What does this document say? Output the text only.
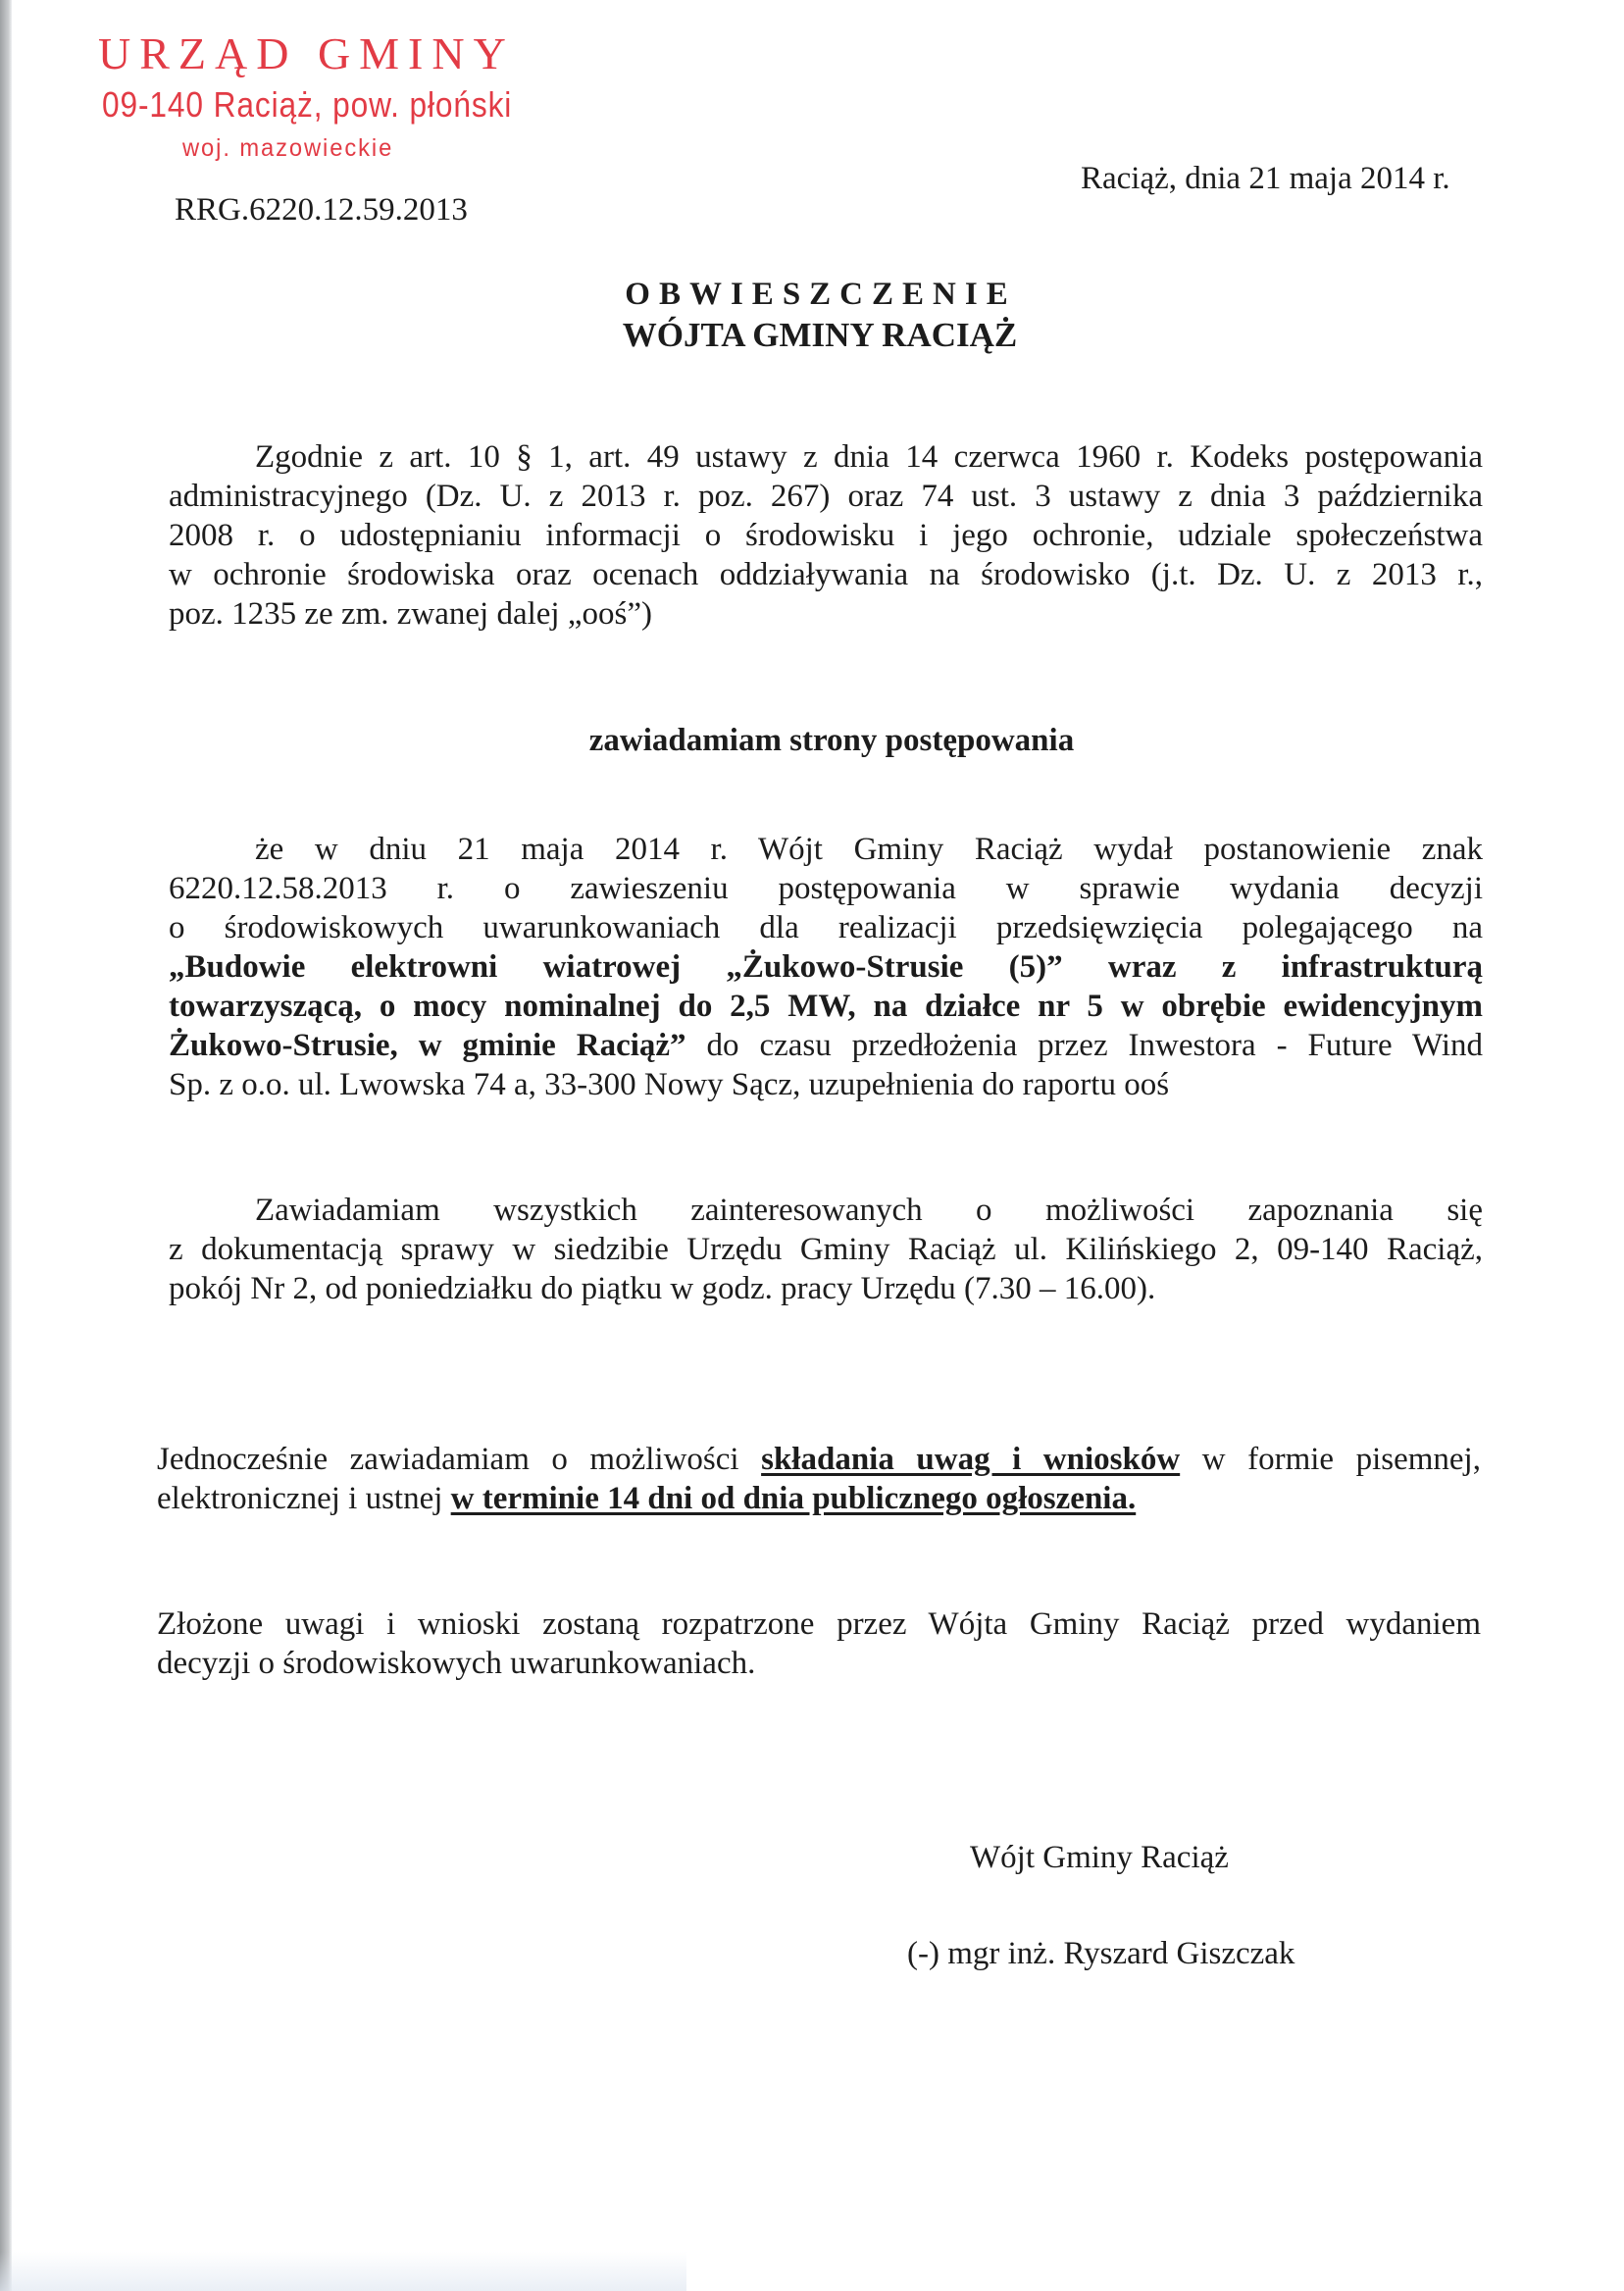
URZĄD GMINY
09-140 Raciąż, pow. płoński
woj. mazowieckie
RRG.6220.12.59.2013
Raciąż, dnia 21 maja 2014 r.
OBWIESZCZENIE
WÓJTA GMINY RACIĄŻ
Zgodnie z art. 10 § 1, art. 49 ustawy z dnia 14 czerwca 1960 r. Kodeks postępowania
administracyjnego (Dz. U. z 2013 r. poz. 267) oraz 74 ust. 3 ustawy z dnia 3 października
2008 r. o udostępnianiu informacji o środowisku i jego ochronie, udziale społeczeństwa
w ochronie środowiska oraz ocenach oddziaływania na środowisko (j.t. Dz. U. z 2013 r.,
poz. 1235 ze zm. zwanej dalej „ooś”)
zawiadamiam strony postępowania
że w dniu 21 maja 2014 r. Wójt Gminy Raciąż wydał postanowienie znak
6220.12.58.2013 r. o zawieszeniu postępowania w sprawie wydania decyzji
o środowiskowych uwarunkowaniach dla realizacji przedsięwzięcia polegającego na
„Budowie elektrowni wiatrowej „Żukowo-Strusie (5)” wraz z infrastrukturą
towarzyszącą, o mocy nominalnej do 2,5 MW, na działce nr 5 w obrębie ewidencyjnym
Żukowo-Strusie, w gminie Raciąż” do czasu przedłożenia przez Inwestora - Future Wind
Sp. z o.o. ul. Lwowska 74 a, 33-300 Nowy Sącz, uzupełnienia do raportu ooś
Zawiadamiam wszystkich zainteresowanych o możliwości zapoznania się
z dokumentacją sprawy w siedzibie Urzędu Gminy Raciąż ul. Kilińskiego 2, 09-140 Raciąż,
pokój Nr 2, od poniedziałku do piątku w godz. pracy Urzędu (7.30 – 16.00).
Jednocześnie zawiadamiam o możliwości składania uwag i wniosków w formie pisemnej,
elektronicznej i ustnej w terminie 14 dni od dnia publicznego ogłoszenia.
Złożone uwagi i wnioski zostaną rozpatrzone przez Wójta Gminy Raciąż przed wydaniem
decyzji o środowiskowych uwarunkowaniach.
Wójt Gminy Raciąż
(-) mgr inż. Ryszard Giszczak
